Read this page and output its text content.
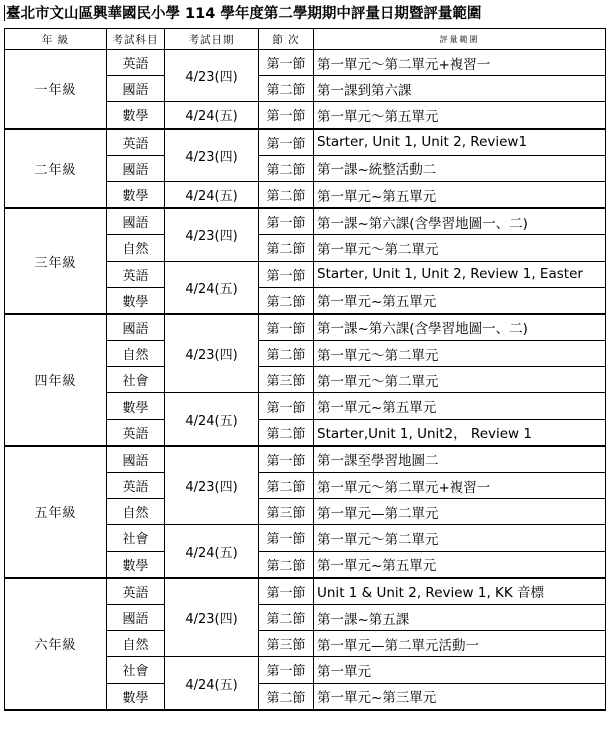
臺北市文山區興華國民小學 114 學年度第二學期期中評量日期暨評量範圍
年 級	考試科目	考試日期	節 次	評量範圍
一年級	英語	4/23(四)	第一節	第一單元～第二單元+複習一
	國語		第二節	第一課到第六課
	數學	4/24(五)	第一節	第一單元～第五單元
二年級	英語	4/23(四)	第一節	Starter, Unit 1, Unit 2, Review1
	國語		第二節	第一課~統整活動二
	數學	4/24(五)	第二節	第一單元~第五單元
三年級	國語	4/23(四)	第一節	第一課~第六課(含學習地圖一、二)
	自然		第二節	第一單元～第二單元
	英語	4/24(五)	第一節	Starter, Unit 1, Unit 2, Review 1, Easter
	數學		第二節	第一單元~第五單元
四年級	國語	4/23(四)	第一節	第一課~第六課(含學習地圖一、二)
	自然		第二節	第一單元～第二單元
	社會		第三節	第一單元～第二單元
	數學	4/24(五)	第一節	第一單元~第五單元
	英語		第二節	Starter,Unit 1, Unit2， Review 1
五年級	國語	4/23(四)	第一節	第一課至學習地圖二
	英語		第二節	第一單元～第二單元+複習一
	自然		第三節	第一單元—第二單元
	社會	4/24(五)	第一節	第一單元～第二單元
	數學		第二節	第一單元~第五單元
六年級	英語	4/23(四)	第一節	Unit 1 & Unit 2, Review 1, KK 音標
	國語		第二節	第一課~第五課
	自然		第三節	第一單元—第二單元活動一
	社會	4/24(五)	第一節	第一單元
	數學		第二節	第一單元~第三單元
